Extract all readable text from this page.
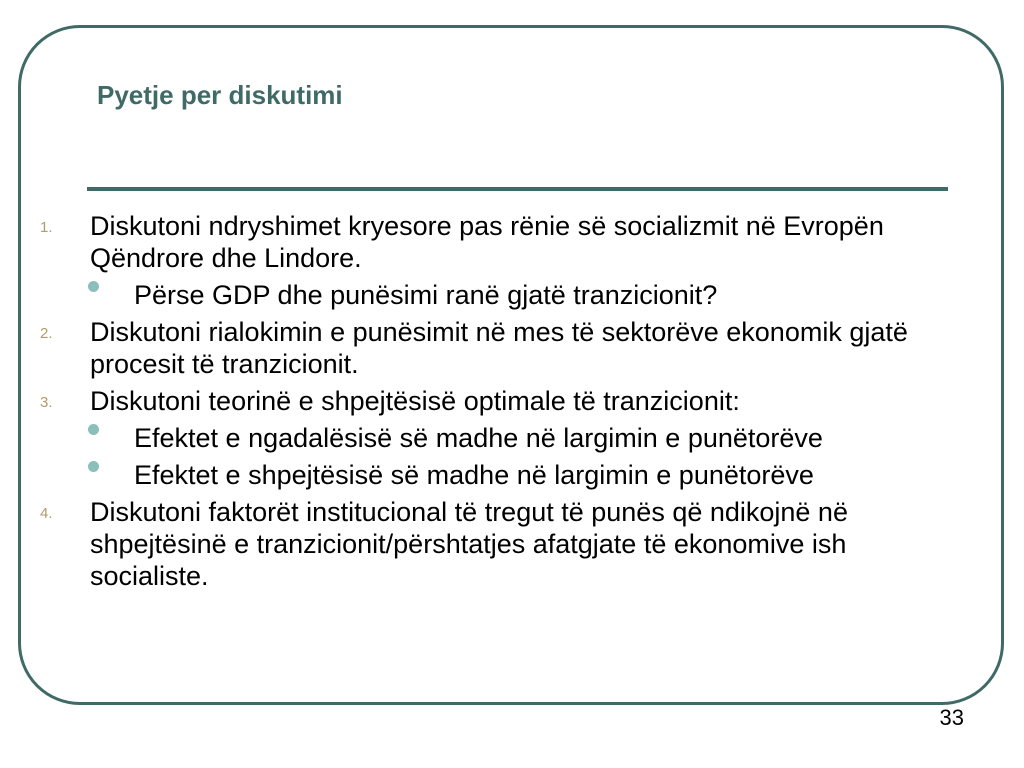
Pyetje per diskutimi
1. Diskutoni ndryshimet kryesore pas rënie së socializmit në Evropën Qëndrore dhe Lindore.
Përse GDP dhe punësimi ranë gjatë tranzicionit?
2. Diskutoni rialokimin e punësimit në mes të sektorëve ekonomik gjatë procesit të tranzicionit.
3. Diskutoni teorinë e shpejtësisë optimale të tranzicionit:
Efektet e ngadalësisë së madhe në largimin e punëtorëve
Efektet e shpejtësisë së madhe në largimin e punëtorëve
4. Diskutoni faktorët institucional të tregut të punës që ndikojnë në shpejtësinë e tranzicionit/përshtatjes afatgjate të ekonomive ish socialiste.
33
